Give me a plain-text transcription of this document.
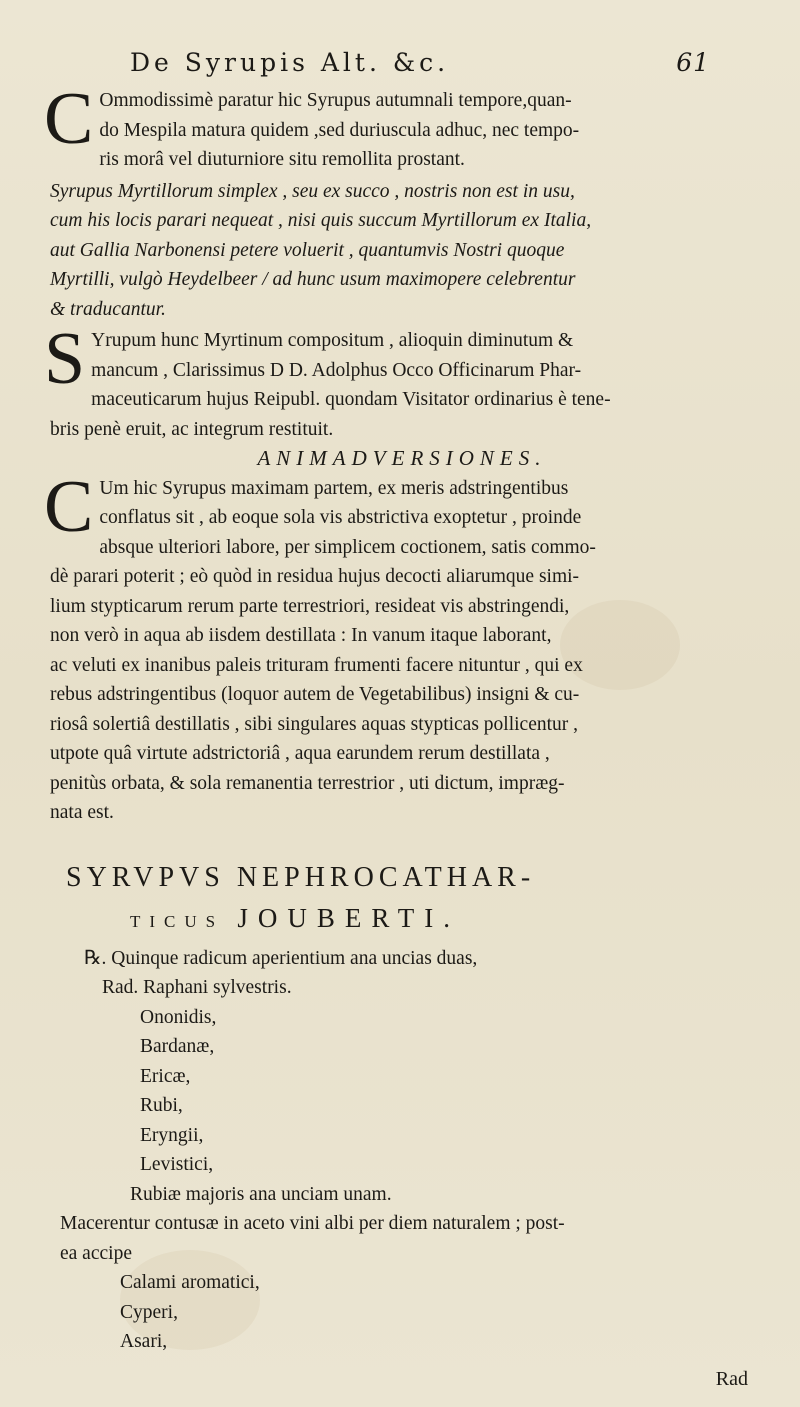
De Syrupis Alt. &c.	61

C Ommodissimè paratur hic Syrupus autumnali tempore,quan-
do Mespila matura quidem ,sed duriuscula adhuc, nec tempo-
ris morâ vel diuturniore situ remollita prostant.

Syrupus Myrtillorum simplex , seu ex succo , nostris non est in usu,
cum his locis parari nequeat , nisi quis succum Myrtillorum ex Italia,
aut Gallia Narbonensi petere voluerit , quantumvis Nostri quoque
Myrtilli, vulgò Heydelbeer / ad hunc usum maximopere celebrentur
& traducantur.

S Yrupum hunc Myrtinum compositum , alioquin diminutum &
mancum , Clarissimus D D. Adolphus Occo Officinarum Phar-
maceuticarum hujus Reipubl. quondam Visitator ordinarius è tene-
bris penè eruit, ac integrum restituit.

ANIMADVERSIONES.

C Um hic Syrupus maximam partem, ex meris adstringentibus
conflatus sit , ab eoque sola vis abstrictiva exoptetur , proinde
absque ulteriori labore, per simplicem coctionem, satis commo-
dè parari poterit ; eò quòd in residua hujus decocti aliarumque simi-
lium stypticarum rerum parte terrestriori, resideat vis abstringendi,
non verò in aqua ab iisdem destillata : In vanum itaque laborant,
ac veluti ex inanibus paleis trituram frumenti facere nituntur , qui ex
rebus adstringentibus (loquor autem de Vegetabilibus) insigni & cu-
riosâ solertiâ destillatis , sibi singulares aquas stypticas pollicentur ,
utpote quâ virtute adstrictoriâ , aqua earundem rerum destillata ,
penitùs orbata, & sola remanentia terrestrior , uti dictum, impræg-
nata est.

SYRVPVS NEPHROCATHAR-
TICUS JOUBERTI.
℞. Quinque radicum aperientium ana uncias duas,
Rad. Raphani sylvestris.
Ononidis,
Bardanæ,
Ericæ,
Rubi,
Eryngii,
Levistici,
Rubiæ majoris ana unciam unam.
Macerentur contusæ in aceto vini albi per diem naturalem ; post-
ea accipe
Calami aromatici,
Cyperi,
Asari,
Rad
